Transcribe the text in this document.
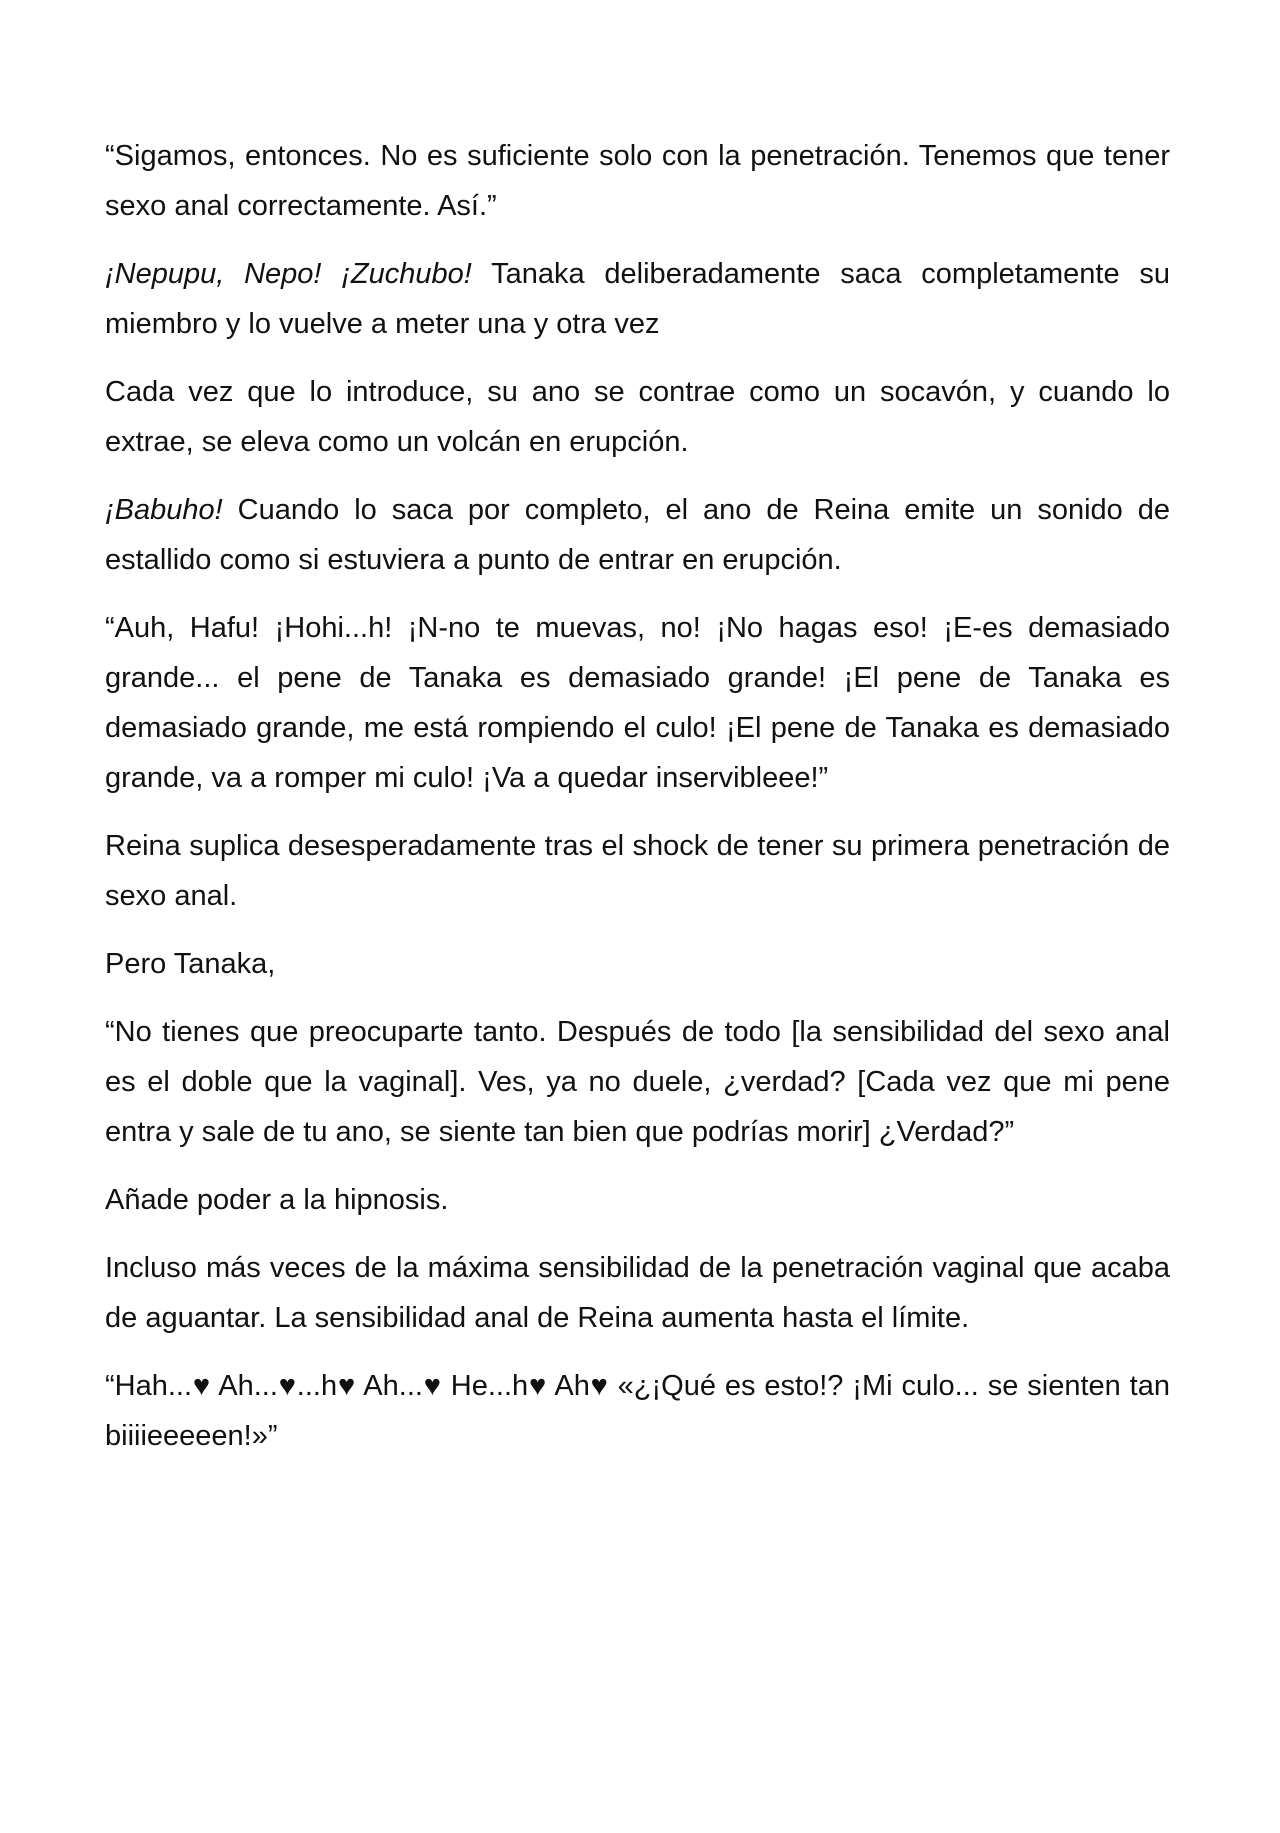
“Sigamos, entonces. No es suficiente solo con la penetración. Tenemos que tener sexo anal correctamente. Así.”

¡Nepupu, Nepo! ¡Zuchubo! Tanaka deliberadamente saca completamente su miembro y lo vuelve a meter una y otra vez

Cada vez que lo introduce, su ano se contrae como un socavón, y cuando lo extrae, se eleva como un volcán en erupción.

¡Babuho! Cuando lo saca por completo, el ano de Reina emite un sonido de estallido como si estuviera a punto de entrar en erupción.

“Auh, Hafu! ¡Hohi...h! ¡N-no te muevas, no! ¡No hagas eso! ¡E-es demasiado grande... el pene de Tanaka es demasiado grande! ¡El pene de Tanaka es demasiado grande, me está rompiendo el culo! ¡El pene de Tanaka es demasiado grande, va a romper mi culo! ¡Va a quedar inservibleee!”

Reina suplica desesperadamente tras el shock de tener su primera penetración de sexo anal.

Pero Tanaka,

“No tienes que preocuparte tanto. Después de todo [la sensibilidad del sexo anal es el doble que la vaginal]. Ves, ya no duele, ¿verdad? [Cada vez que mi pene entra y sale de tu ano, se siente tan bien que podrías morir] ¿Verdad?”

Añade poder a la hipnosis.

Incluso más veces de la máxima sensibilidad de la penetración vaginal que acaba de aguantar. La sensibilidad anal de Reina aumenta hasta el límite.

“Hah...♥ Ah...♥...h♥ Ah...♥ He...h♥ Ah♥ «¿¡Qué es esto!? ¡Mi culo... se sienten tan biiiieeeeen!»”
